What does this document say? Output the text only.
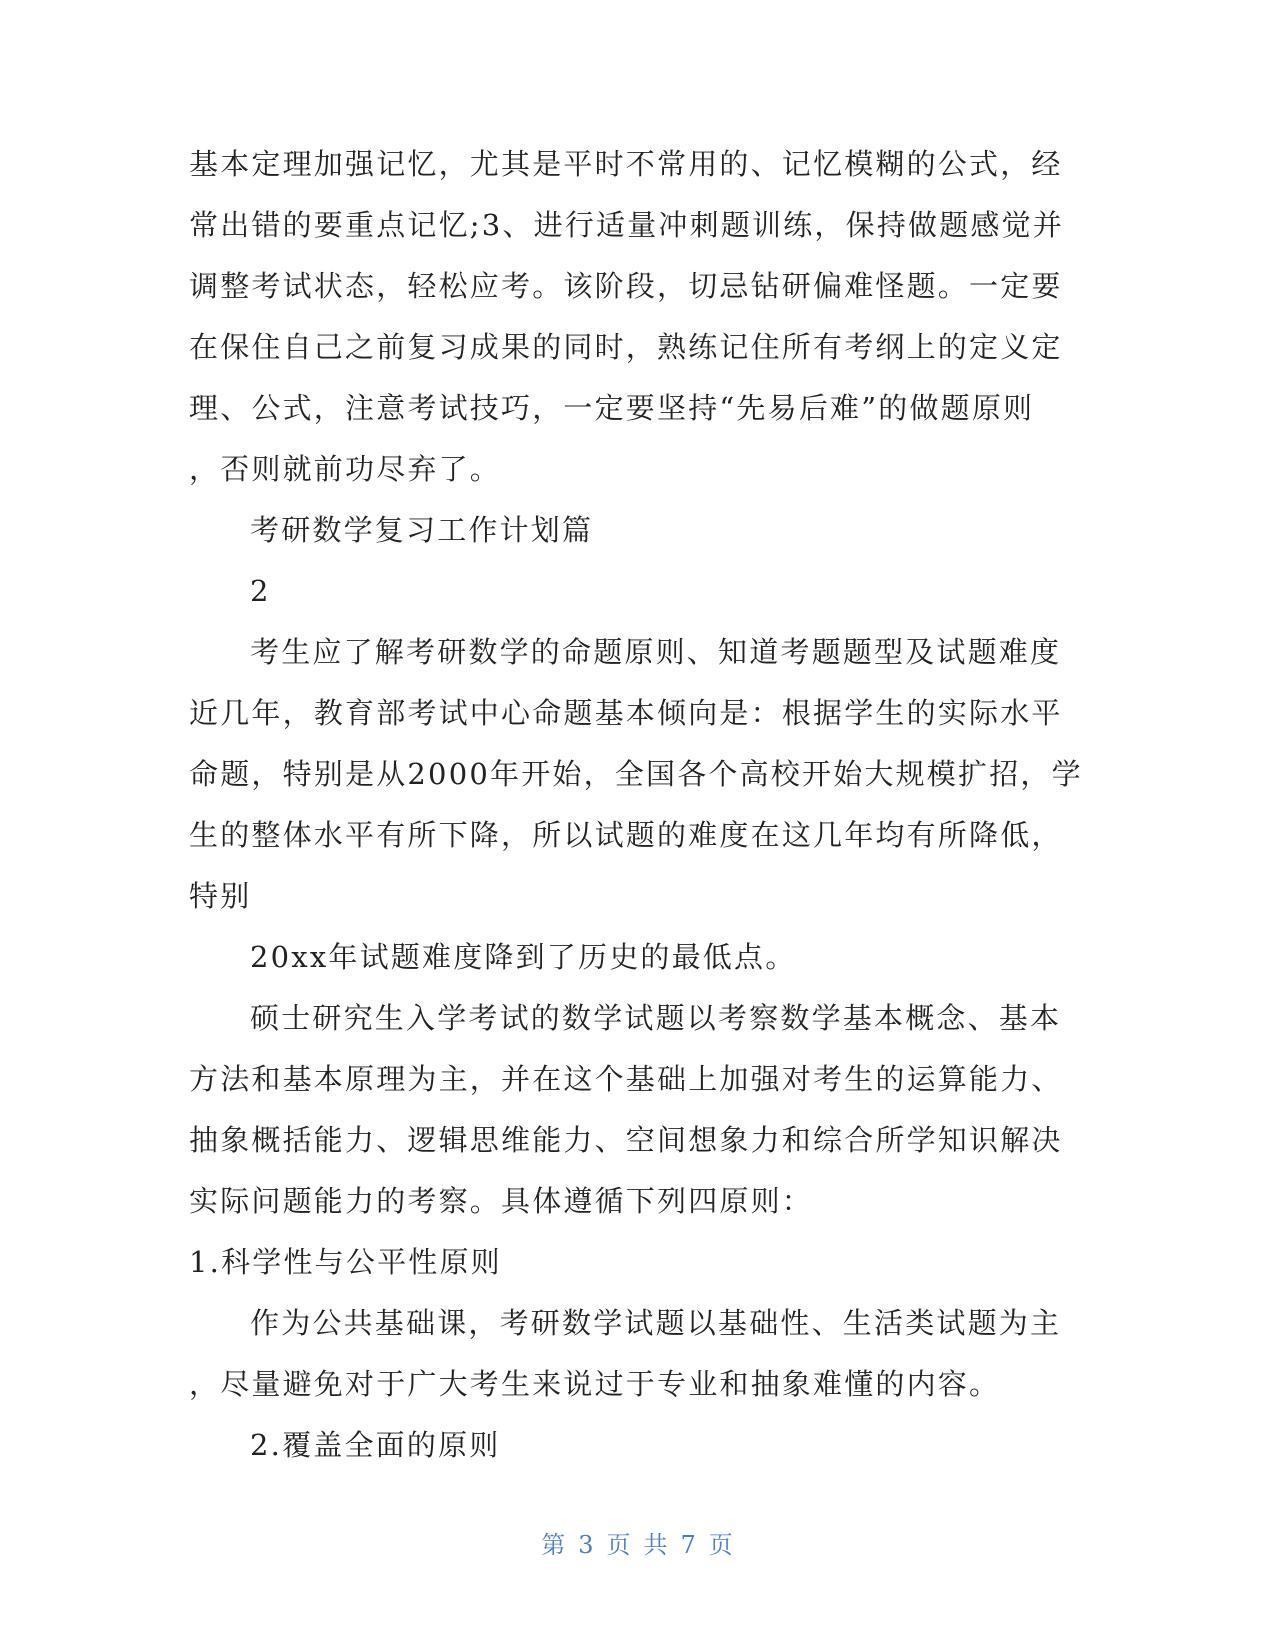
基本定理加强记忆，尤其是平时不常用的、记忆模糊的公式，经
常出错的要重点记忆;3、进行适量冲刺题训练，保持做题感觉并
调整考试状态，轻松应考。该阶段，切忌钻研偏难怪题。一定要
在保住自己之前复习成果的同时，熟练记住所有考纲上的定义定
理、公式，注意考试技巧，一定要坚持“先易后难”的做题原则
，否则就前功尽弃了。
考研数学复习工作计划篇
2
考生应了解考研数学的命题原则、知道考题题型及试题难度
近几年，教育部考试中心命题基本倾向是：根据学生的实际水平
命题，特别是从2000年开始，全国各个高校开始大规模扩招，学
生的整体水平有所下降，所以试题的难度在这几年均有所降低，
特别
20xx年试题难度降到了历史的最低点。
硕士研究生入学考试的数学试题以考察数学基本概念、基本
方法和基本原理为主，并在这个基础上加强对考生的运算能力、
抽象概括能力、逻辑思维能力、空间想象力和综合所学知识解决
实际问题能力的考察。具体遵循下列四原则：
1.科学性与公平性原则
作为公共基础课，考研数学试题以基础性、生活类试题为主
，尽量避免对于广大考生来说过于专业和抽象难懂的内容。
2.覆盖全面的原则
第 3 页 共 7 页
